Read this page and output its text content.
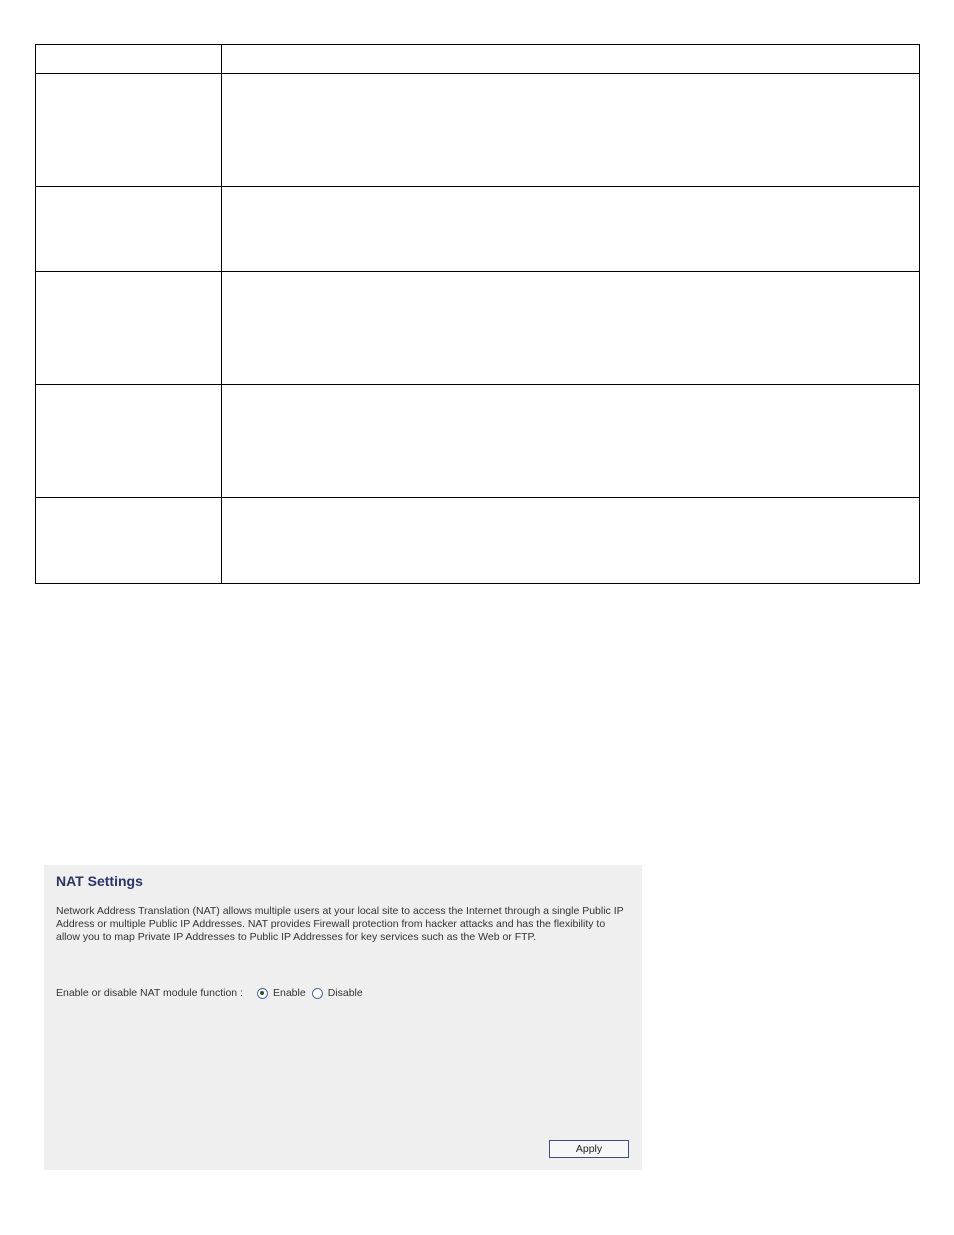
NAT Settings

Network Address Translation (NAT) allows multiple users at your local site to access the Internet through a single Public IP Address or multiple Public IP Addresses. NAT provides Firewall protection from hacker attacks and has the flexibility to allow you to map Private IP Addresses to Public IP Addresses for key services such as the Web or FTP.

Enable or disable NAT module function :	Enable Disable
Apply
